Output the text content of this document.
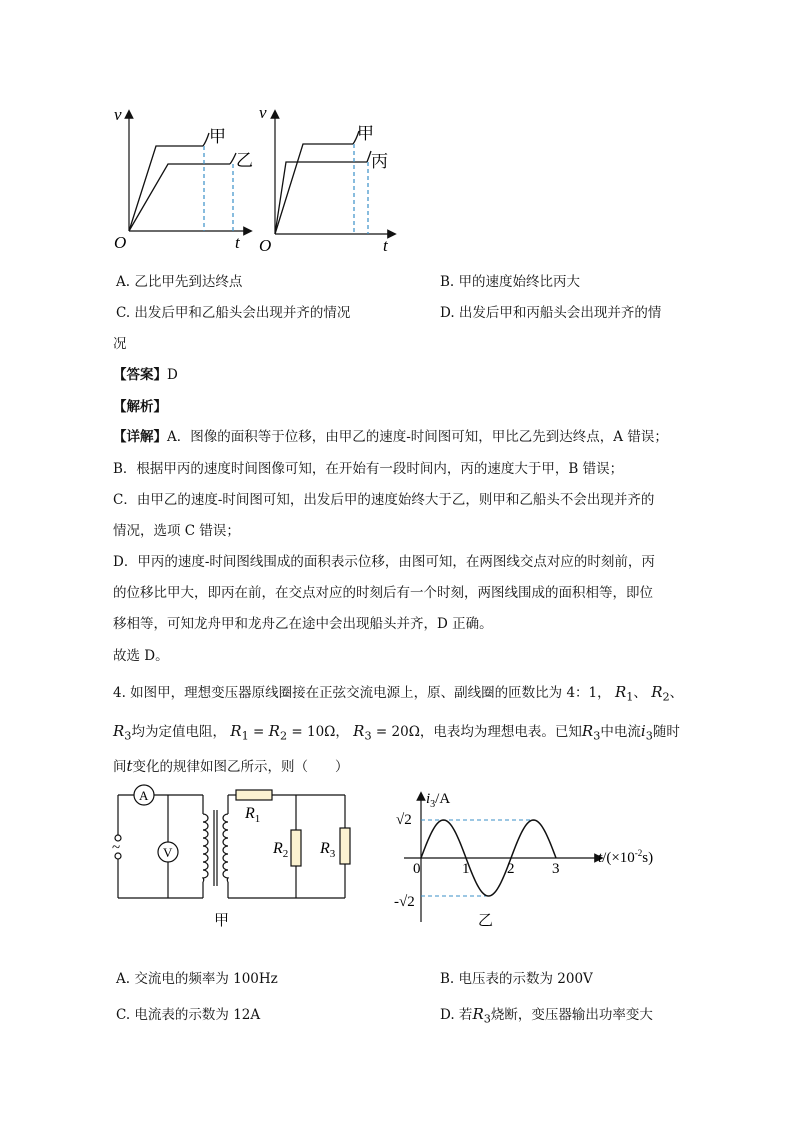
v
t
O
甲
乙
v
t
O
甲
丙
A. 乙比甲先到达终点	B. 甲的速度始终比丙大
C. 出发后甲和乙船头会出现并齐的情况	D. 出发后甲和丙船头会出现并齐的情
况
【答案】D
【解析】
【详解】A．图像的面积等于位移，由甲乙的速度-时间图可知，甲比乙先到达终点，A 错误；
B．根据甲丙的速度时间图像可知，在开始有一段时间内，丙的速度大于甲，B 错误；
C．由甲乙的速度-时间图可知，出发后甲的速度始终大于乙，则甲和乙船头不会出现并齐的
情况，选项 C 错误；
D．甲丙的速度-时间图线围成的面积表示位移，由图可知，在两图线交点对应的时刻前，丙
的位移比甲大，即丙在前，在交点对应的时刻后有一个时刻，两图线围成的面积相等，即位
移相等，可知龙舟甲和龙舟乙在途中会出现船头并齐，D 正确。
故选 D。
4. 如图甲，理想变压器原线圈接在正弦交流电源上，原、副线圈的匝数比为 4：1， $R_1$、 $R_2$、
$R_3$均为定值电阻， $R_1 = R_2 = 10\Omega$， $R_3 = 20\Omega$，电表均为理想电表。已知$R_3$中电流$i_3$随时
间t变化的规律如图乙所示，则（　　）
~
A
V
$R_1$
$R_2$ $R_3$
甲
1	2	3
$i_3/A$
√2
-√2
0
$t/(\times 10^{-2}s)$
乙
A. 交流电的频率为 100Hz	B. 电压表的示数为 200V
C. 电流表的示数为 12A	D. 若$R_3$烧断，变压器输出功率变大
